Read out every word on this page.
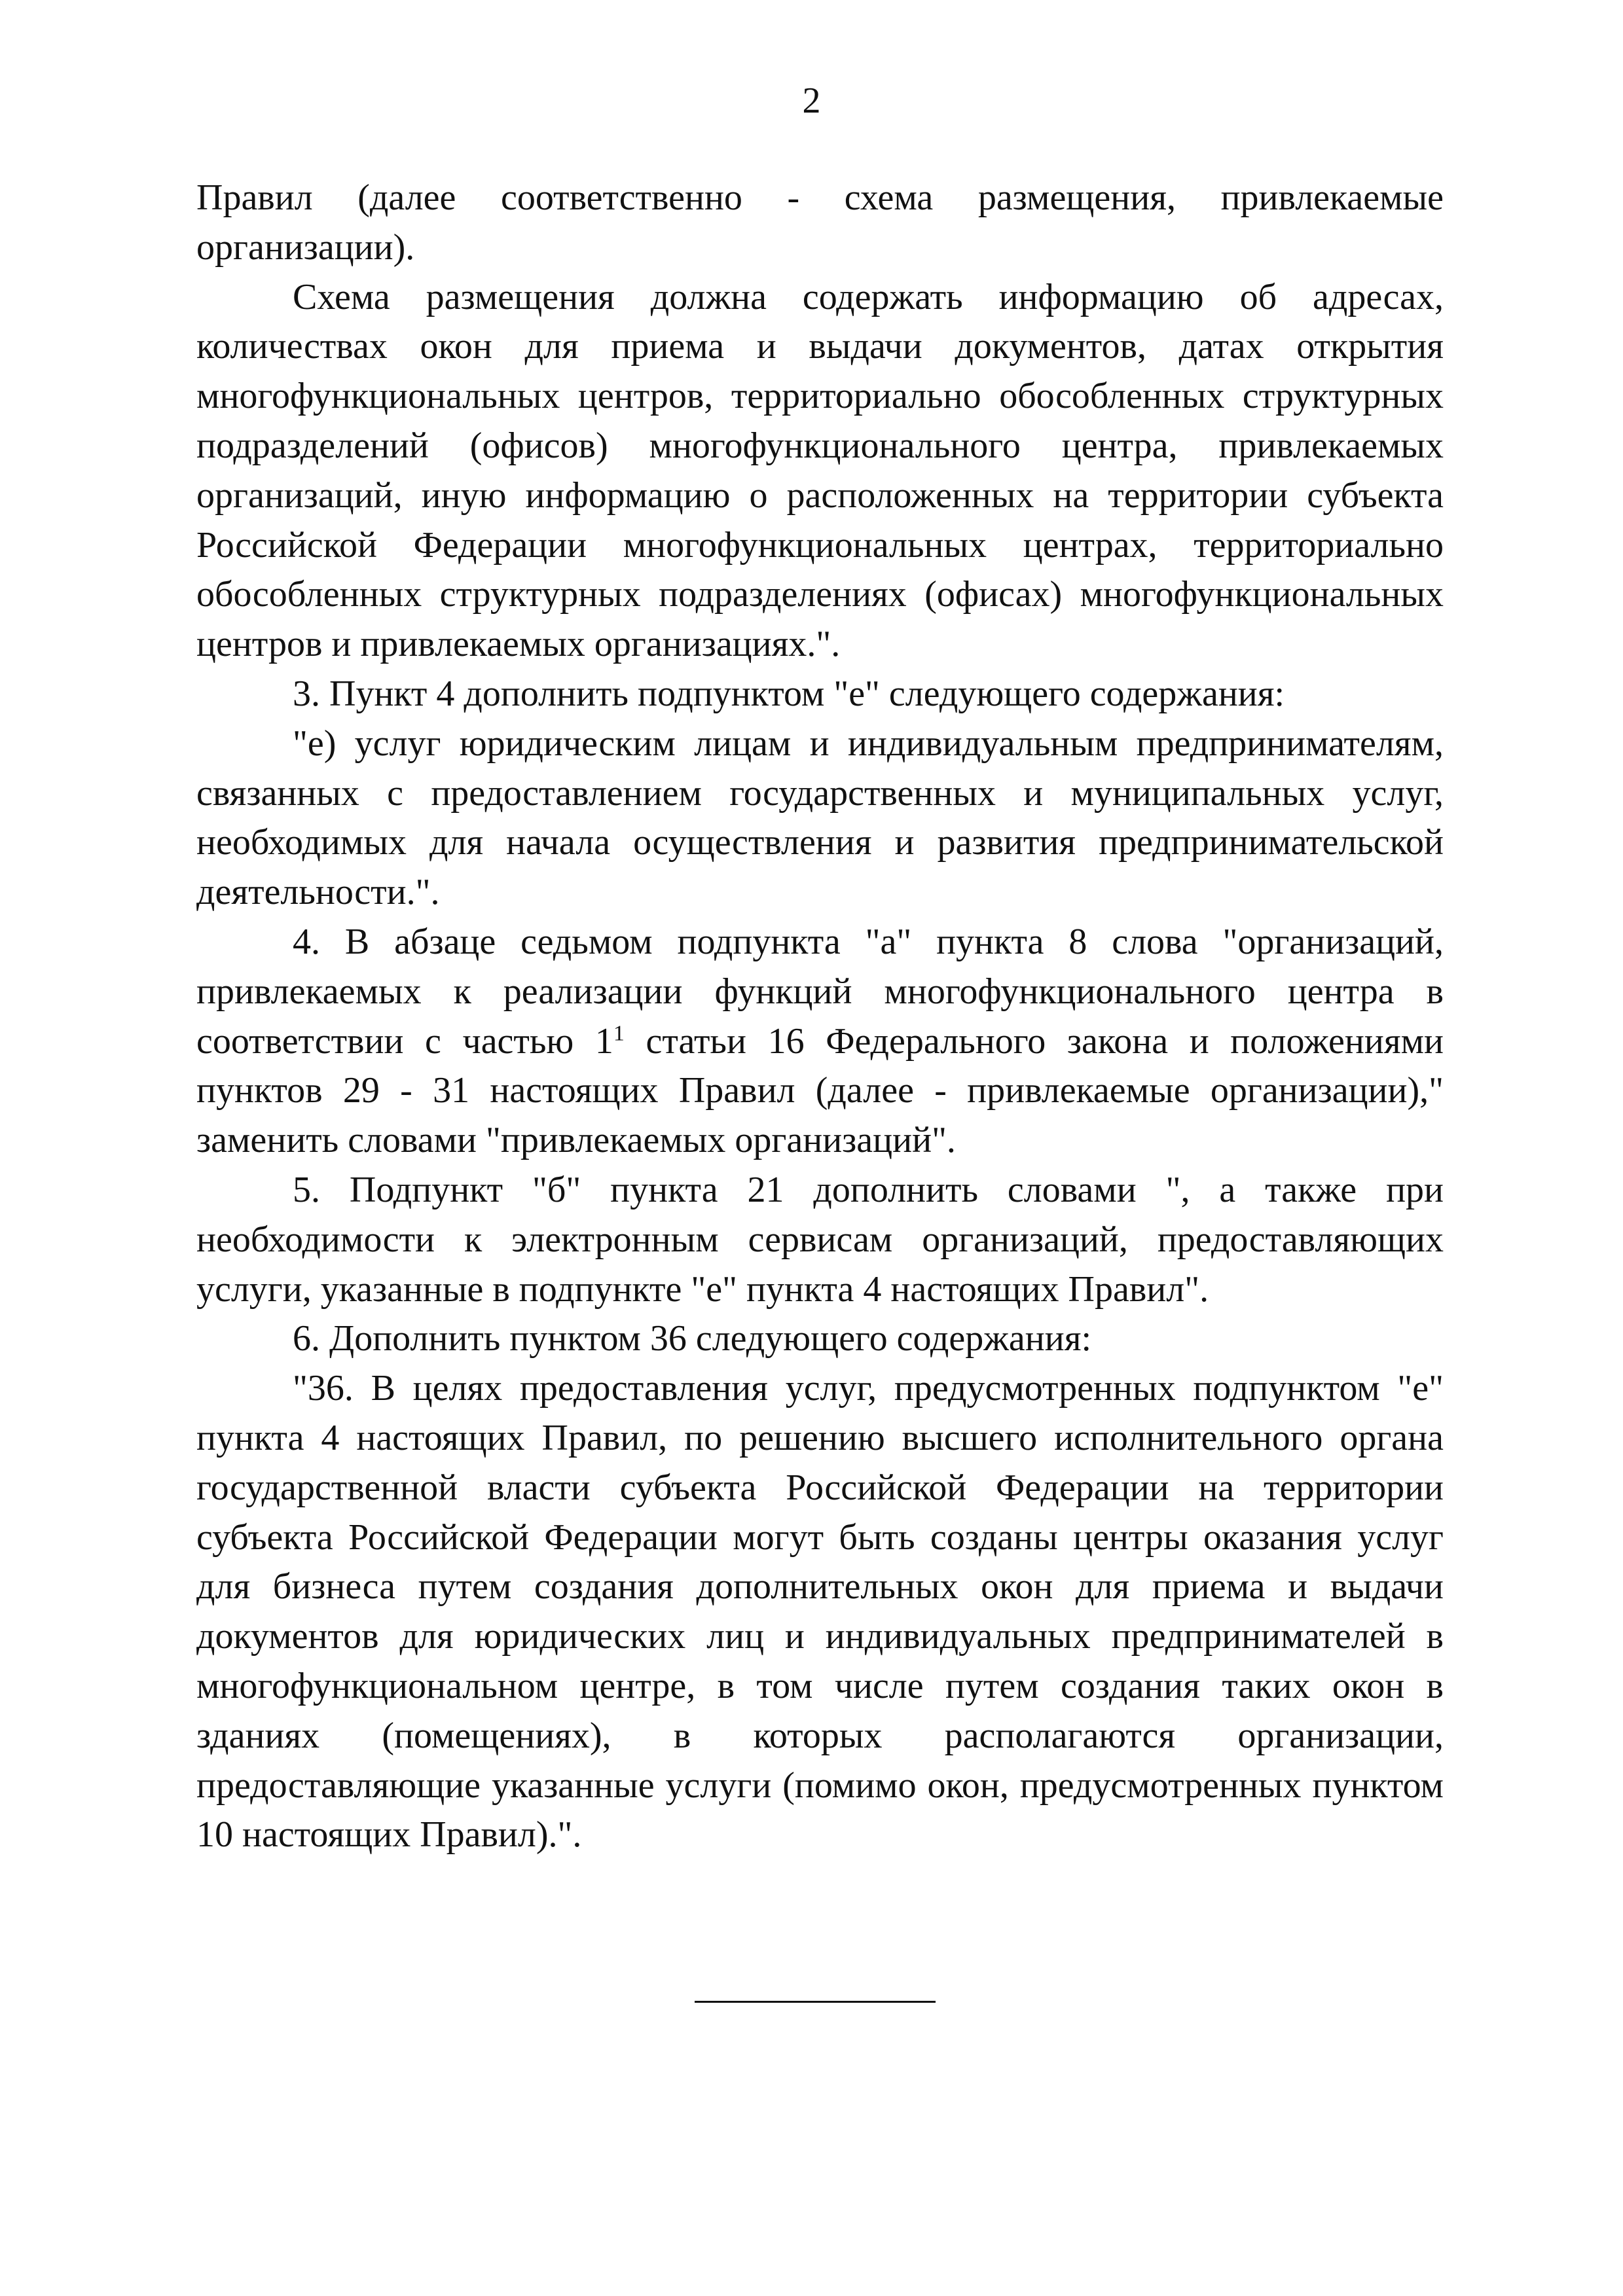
2

Правил (далее соответственно - схема размещения, привлекаемые организации).

Схема размещения должна содержать информацию об адресах, количествах окон для приема и выдачи документов, датах открытия многофункциональных центров, территориально обособленных структурных подразделений (офисов) многофункционального центра, привлекаемых организаций, иную информацию о расположенных на территории субъекта Российской Федерации многофункциональных центрах, территориально обособленных структурных подразделениях (офисах) многофункциональных центров и привлекаемых организациях.".

3. Пункт 4 дополнить подпунктом "е" следующего содержания:

"е) услуг юридическим лицам и индивидуальным предпринимателям, связанных с предоставлением государственных и муниципальных услуг, необходимых для начала осуществления и развития предпринимательской деятельности.".

4. В абзаце седьмом подпункта "а" пункта 8 слова "организаций, привлекаемых к реализации функций многофункционального центра в соответствии с частью $1^1$ статьи 16 Федерального закона и положениями пунктов 29 - 31 настоящих Правил (далее - привлекаемые организации)," заменить словами "привлекаемых организаций".

5. Подпункт "б" пункта 21 дополнить словами ", а также при необходимости к электронным сервисам организаций, предоставляющих услуги, указанные в подпункте "е" пункта 4 настоящих Правил".

6. Дополнить пунктом 36 следующего содержания:

"36. В целях предоставления услуг, предусмотренных подпунктом "е" пункта 4 настоящих Правил, по решению высшего исполнительного органа государственной власти субъекта Российской Федерации на территории субъекта Российской Федерации могут быть созданы центры оказания услуг для бизнеса путем создания дополнительных окон для приема и выдачи документов для юридических лиц и индивидуальных предпринимателей в многофункциональном центре, в том числе путем создания таких окон в зданиях (помещениях), в которых располагаются организации, предоставляющие указанные услуги (помимо окон, предусмотренных пунктом 10 настоящих Правил).".
